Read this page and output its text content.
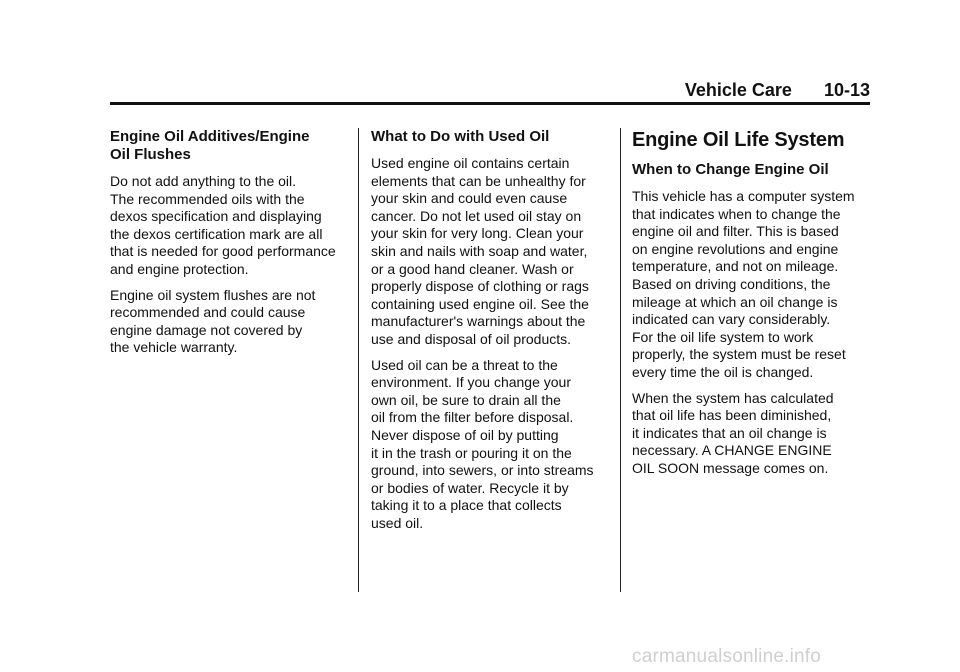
Vehicle Care 10-13
Engine Oil Additives/Engine
Oil Flushes

Do not add anything to the oil.
The recommended oils with the
dexos specification and displaying
the dexos certification mark are all
that is needed for good performance
and engine protection.

Engine oil system flushes are not
recommended and could cause
engine damage not covered by
the vehicle warranty.

What to Do with Used Oil

Used engine oil contains certain
elements that can be unhealthy for
your skin and could even cause
cancer. Do not let used oil stay on
your skin for very long. Clean your
skin and nails with soap and water,
or a good hand cleaner. Wash or
properly dispose of clothing or rags
containing used engine oil. See the
manufacturer's warnings about the
use and disposal of oil products.

Used oil can be a threat to the
environment. If you change your
own oil, be sure to drain all the
oil from the filter before disposal.
Never dispose of oil by putting
it in the trash or pouring it on the
ground, into sewers, or into streams
or bodies of water. Recycle it by
taking it to a place that collects
used oil.

Engine Oil Life System
When to Change Engine Oil

This vehicle has a computer system
that indicates when to change the
engine oil and filter. This is based
on engine revolutions and engine
temperature, and not on mileage.
Based on driving conditions, the
mileage at which an oil change is
indicated can vary considerably.
For the oil life system to work
properly, the system must be reset
every time the oil is changed.

When the system has calculated
that oil life has been diminished,
it indicates that an oil change is
necessary. A CHANGE ENGINE
OIL SOON message comes on.

carmanualsonline.info
